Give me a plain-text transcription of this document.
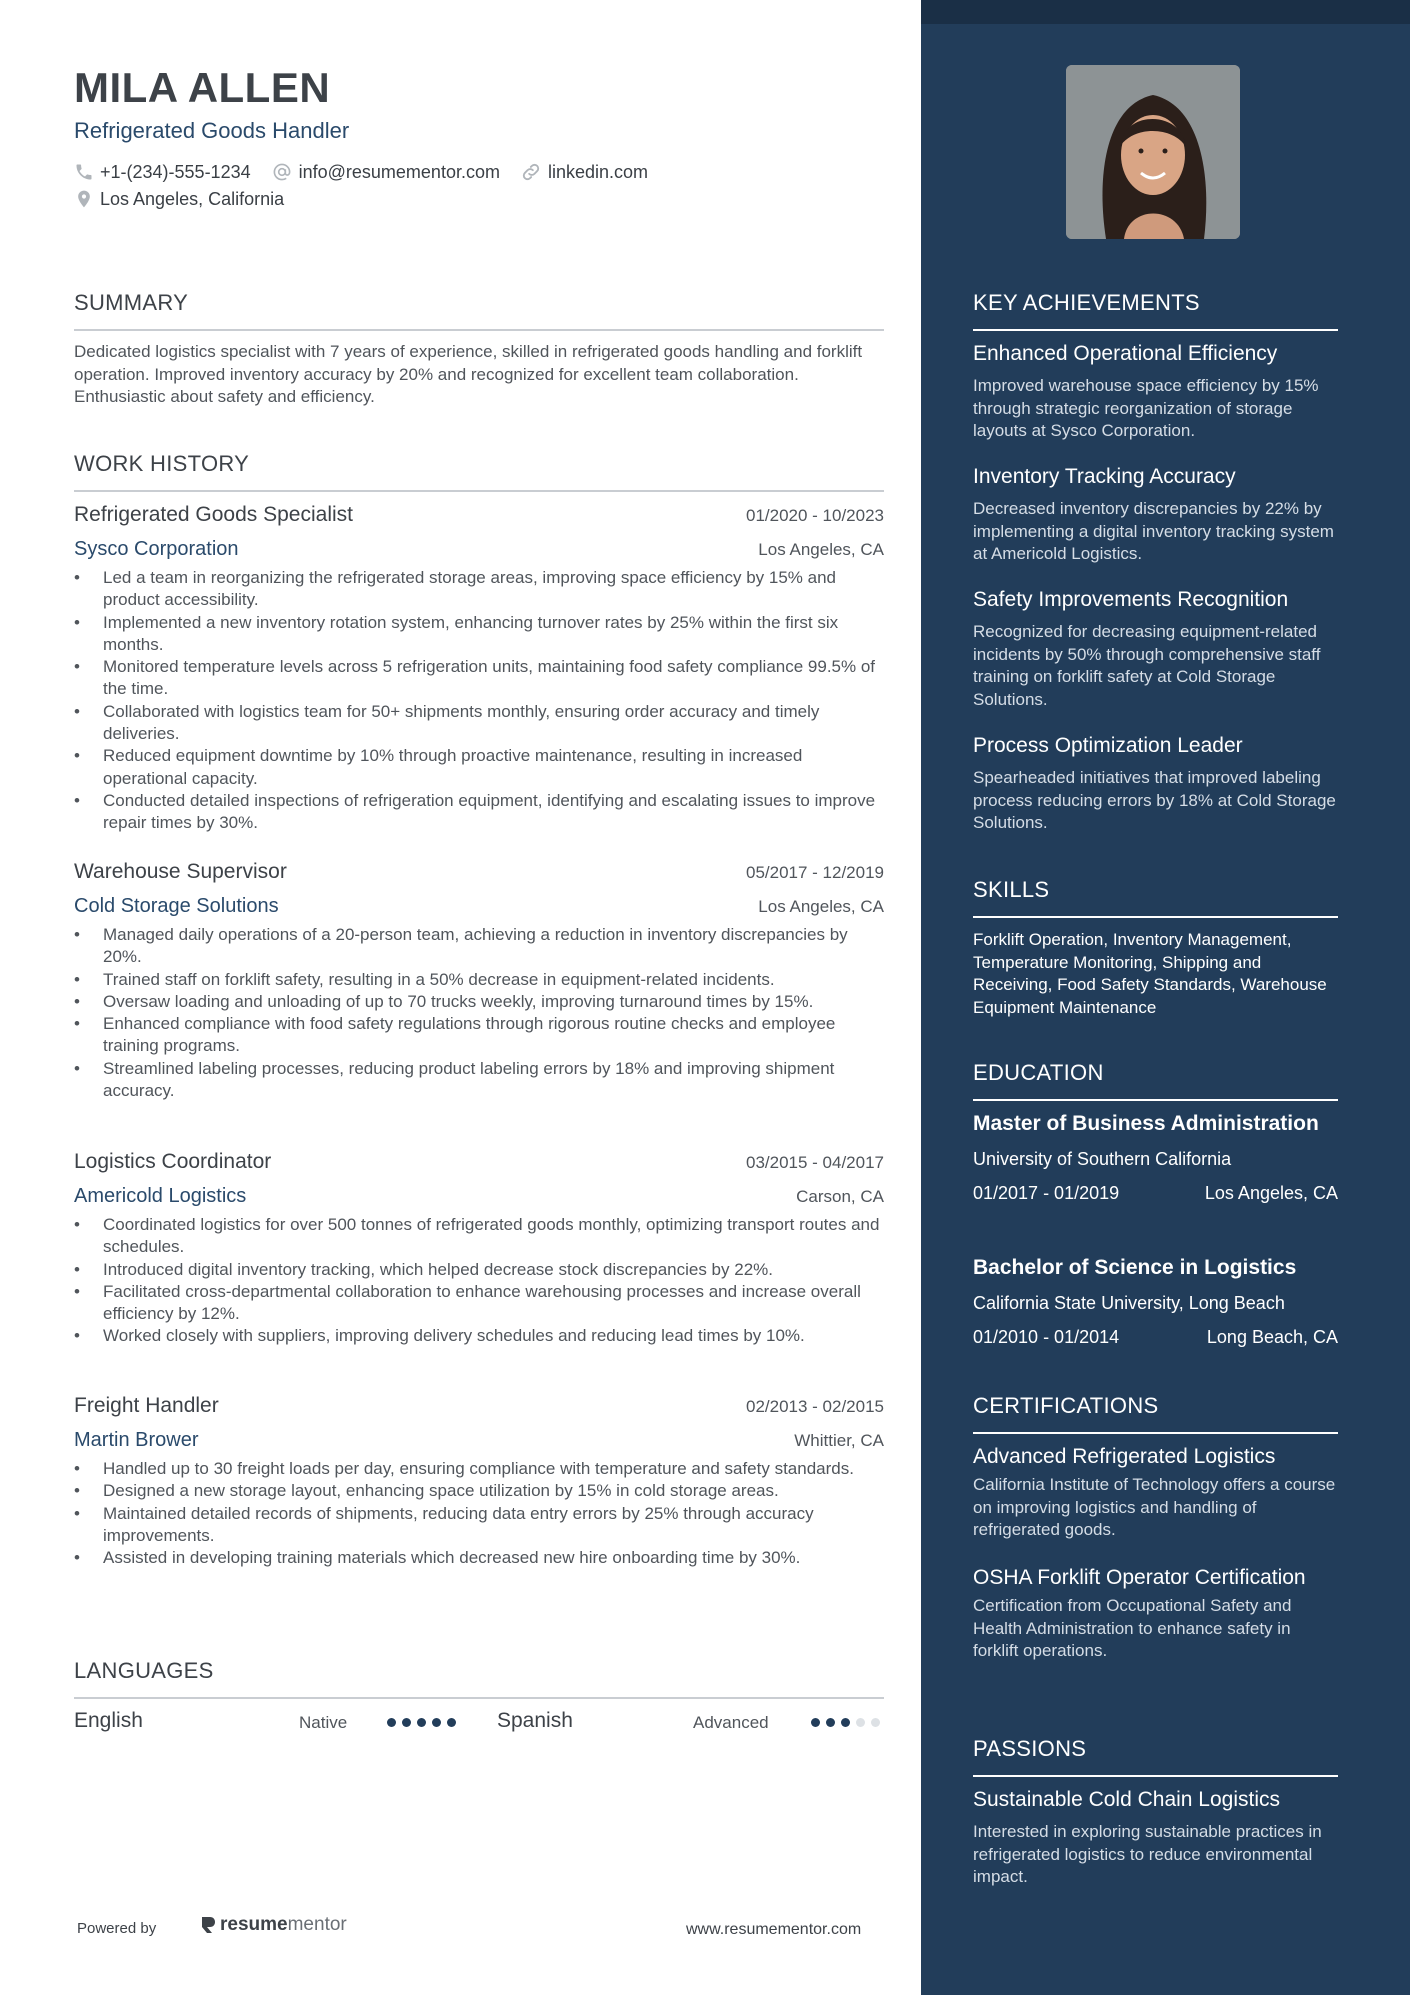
MILA ALLEN
Refrigerated Goods Handler
+1-(234)-555-1234	info@resumementor.com	linkedin.com
Los Angeles, California
SUMMARY
Dedicated logistics specialist with 7 years of experience, skilled in refrigerated goods handling and forklift operation. Improved inventory accuracy by 20% and recognized for excellent team collaboration. Enthusiastic about safety and efficiency.
WORK HISTORY
Refrigerated Goods Specialist	01/2020 - 10/2023
Sysco Corporation	Los Angeles, CA
• Led a team in reorganizing the refrigerated storage areas, improving space efficiency by 15% and product accessibility.
• Implemented a new inventory rotation system, enhancing turnover rates by 25% within the first six months.
• Monitored temperature levels across 5 refrigeration units, maintaining food safety compliance 99.5% of the time.
• Collaborated with logistics team for 50+ shipments monthly, ensuring order accuracy and timely deliveries.
• Reduced equipment downtime by 10% through proactive maintenance, resulting in increased operational capacity.
• Conducted detailed inspections of refrigeration equipment, identifying and escalating issues to improve repair times by 30%.
Warehouse Supervisor	05/2017 - 12/2019
Cold Storage Solutions	Los Angeles, CA
• Managed daily operations of a 20-person team, achieving a reduction in inventory discrepancies by 20%.
• Trained staff on forklift safety, resulting in a 50% decrease in equipment-related incidents.
• Oversaw loading and unloading of up to 70 trucks weekly, improving turnaround times by 15%.
• Enhanced compliance with food safety regulations through rigorous routine checks and employee training programs.
• Streamlined labeling processes, reducing product labeling errors by 18% and improving shipment accuracy.
Logistics Coordinator	03/2015 - 04/2017
Americold Logistics	Carson, CA
• Coordinated logistics for over 500 tonnes of refrigerated goods monthly, optimizing transport routes and schedules.
• Introduced digital inventory tracking, which helped decrease stock discrepancies by 22%.
• Facilitated cross-departmental collaboration to enhance warehousing processes and increase overall efficiency by 12%.
• Worked closely with suppliers, improving delivery schedules and reducing lead times by 10%.
Freight Handler	02/2013 - 02/2015
Martin Brower	Whittier, CA
• Handled up to 30 freight loads per day, ensuring compliance with temperature and safety standards.
• Designed a new storage layout, enhancing space utilization by 15% in cold storage areas.
• Maintained detailed records of shipments, reducing data entry errors by 25% through accuracy improvements.
• Assisted in developing training materials which decreased new hire onboarding time by 30%.
LANGUAGES
English	Native	Spanish	Advanced
Powered by	resume mentor	www.resumementor.com
KEY ACHIEVEMENTS
Enhanced Operational Efficiency
Improved warehouse space efficiency by 15% through strategic reorganization of storage layouts at Sysco Corporation.
Inventory Tracking Accuracy
Decreased inventory discrepancies by 22% by implementing a digital inventory tracking system at Americold Logistics.
Safety Improvements Recognition
Recognized for decreasing equipment-related incidents by 50% through comprehensive staff training on forklift safety at Cold Storage Solutions.
Process Optimization Leader
Spearheaded initiatives that improved labeling process reducing errors by 18% at Cold Storage Solutions.
SKILLS
Forklift Operation, Inventory Management, Temperature Monitoring, Shipping and Receiving, Food Safety Standards, Warehouse Equipment Maintenance
EDUCATION
Master of Business Administration
University of Southern California
01/2017 - 01/2019	Los Angeles, CA
Bachelor of Science in Logistics
California State University, Long Beach
01/2010 - 01/2014	Long Beach, CA
CERTIFICATIONS
Advanced Refrigerated Logistics
California Institute of Technology offers a course on improving logistics and handling of refrigerated goods.
OSHA Forklift Operator Certification
Certification from Occupational Safety and Health Administration to enhance safety in forklift operations.
PASSIONS
Sustainable Cold Chain Logistics
Interested in exploring sustainable practices in refrigerated logistics to reduce environmental impact.
